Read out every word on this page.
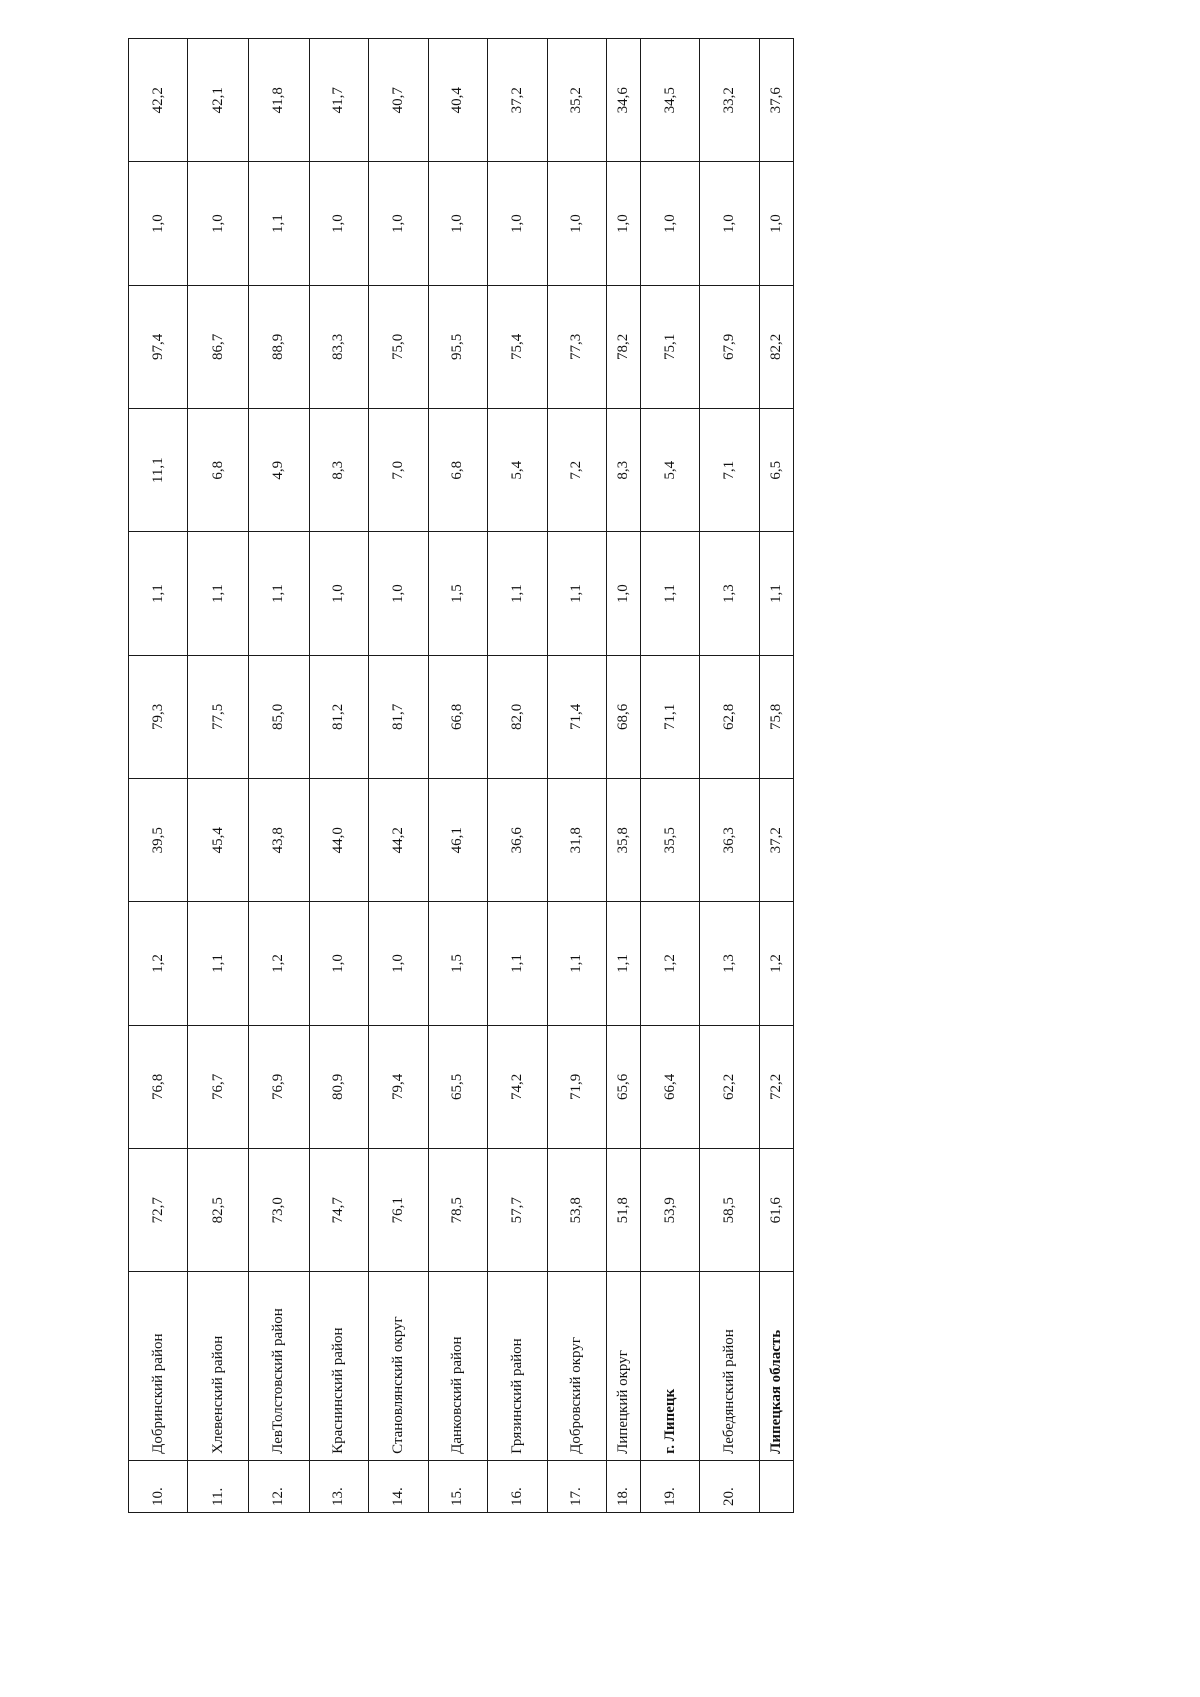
10.	Добринский район	72,7	76,8	1,2	39,5	79,3	1,1	11,1	97,4	1,0	42,2
11.	Хлевенский район	82,5	76,7	1,1	45,4	77,5	1,1	6,8	86,7	1,0	42,1
12.	ЛевТолстовский район	73,0	76,9	1,2	43,8	85,0	1,1	4,9	88,9	1,1	41,8
13.	Краснинский район	74,7	80,9	1,0	44,0	81,2	1,0	8,3	83,3	1,0	41,7
14.	Становлянский округ	76,1	79,4	1,0	44,2	81,7	1,0	7,0	75,0	1,0	40,7
15.	Данковский район	78,5	65,5	1,5	46,1	66,8	1,5	6,8	95,5	1,0	40,4
16.	Грязинский район	57,7	74,2	1,1	36,6	82,0	1,1	5,4	75,4	1,0	37,2
17.	Добровский округ	53,8	71,9	1,1	31,8	71,4	1,1	7,2	77,3	1,0	35,2
18.	Липецкий округ	51,8	65,6	1,1	35,8	68,6	1,0	8,3	78,2	1,0	34,6
19.	г. Липецк	53,9	66,4	1,2	35,5	71,1	1,1	5,4	75,1	1,0	34,5
20.	Лебедянский район	58,5	62,2	1,3	36,3	62,8	1,3	7,1	67,9	1,0	33,2
	Липецкая область	61,6	72,2	1,2	37,2	75,8	1,1	6,5	82,2	1,0	37,6
